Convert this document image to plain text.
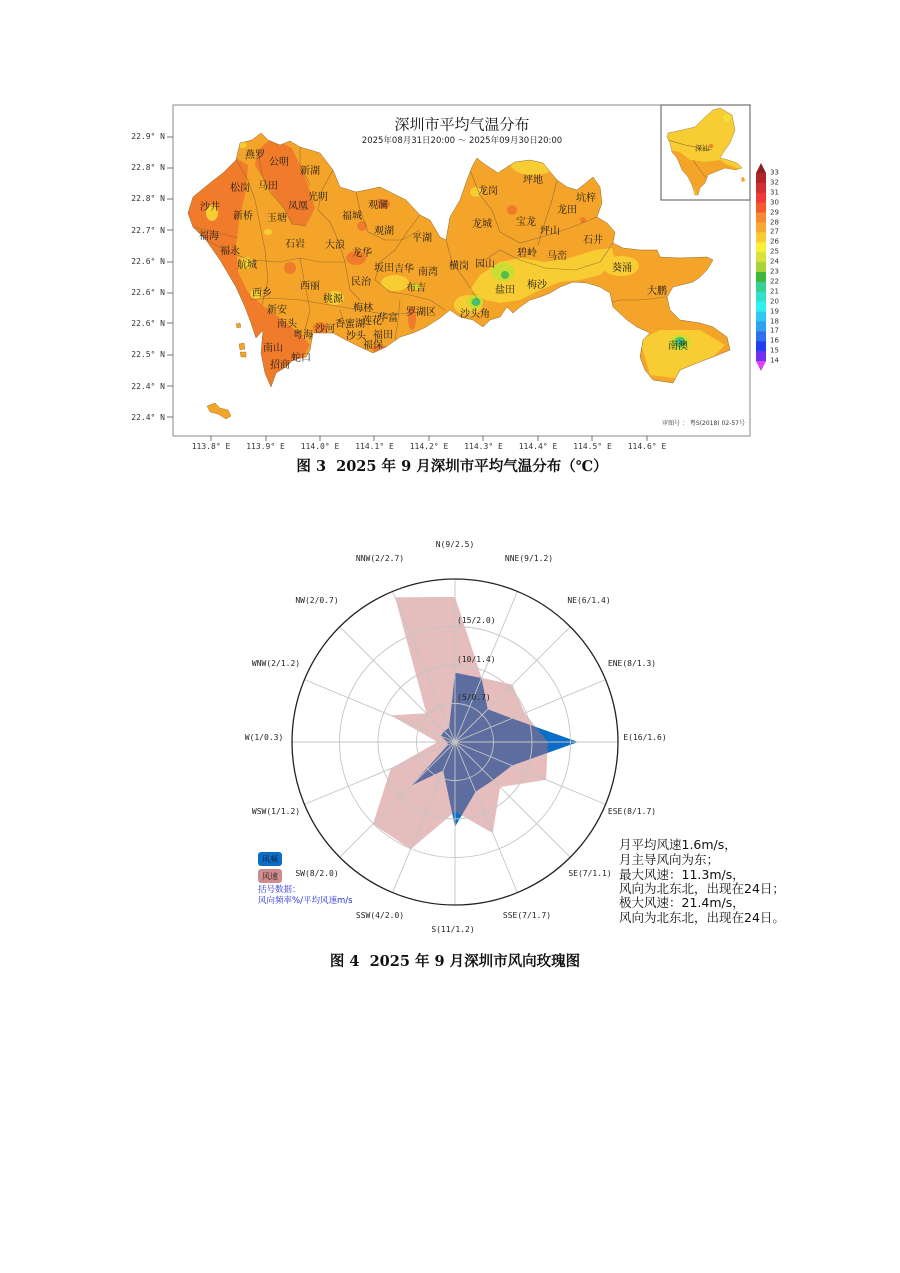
深圳市平均气温分布
2025年08月31日20:00 ～ 2025年09月30日20:00
22.9° N
22.8° N
22.8° N
22.7° N
22.6° N
22.6° N
22.6° N
22.5° N
22.4° N
22.4° N
113.8° E 113.9° E 114.0° E 114.1° E 114.2° E 114.3° E 114.4° E 114.5° E 114.6° E
燕罗
公明
新湖
松岗 马田
凤凰
光明
沙井
新桥 玉塘
观澜
福城
观湖
平湖
福海
石岩 大浪
福永	龙华
航城	坂田 吉华 南湾
横岗 园山
碧岭 马峦
葵涌
西乡
西丽	民治
布吉	盐田 梅沙
大鹏
桃源
新安	梅林
华富
罗湖区 沙头角
南头	莲花
香蜜湖
沙河
粤海	沙头 福田
福保
南山	南澳
蛇口
招商
龙岗
坪地
坑梓
龙田
龙城 宝龙
坪山
石井
深汕
审图号 ： 粤S(2018) 02-57号
33
32
31
30
29
28
27
26
25
24
23
22
21
20
19
18
17
16
15
14
图 3  2025 年 9 月深圳市平均气温分布（℃）
N(9/2.5)
NNE(9/1.2)
NE(6/1.4)
ENE(8/1.3)
E(16/1.6)
ESE(8/1.7)
SE(7/1.1)
SSE(7/1.7)
S(11/1.2)
SSW(4/2.0)
SW(8/2.0)
WSW(1/1.2)
W(1/0.3)
WNW(2/1.2)
NW(2/0.7)
NNW(2/2.7)
(15/2.0)
(10/1.4)
(5/0.7)
风频
风速
括号数据：
风向频率%/平均风速m/s
月平均风速1.6m/s，
月主导风向为东；
最大风速：11.3m/s，
风向为北东北，出现在24日；
极大风速：21.4m/s，
风向为北东北，出现在24日。
图 4  2025 年 9 月深圳市风向玫瑰图
